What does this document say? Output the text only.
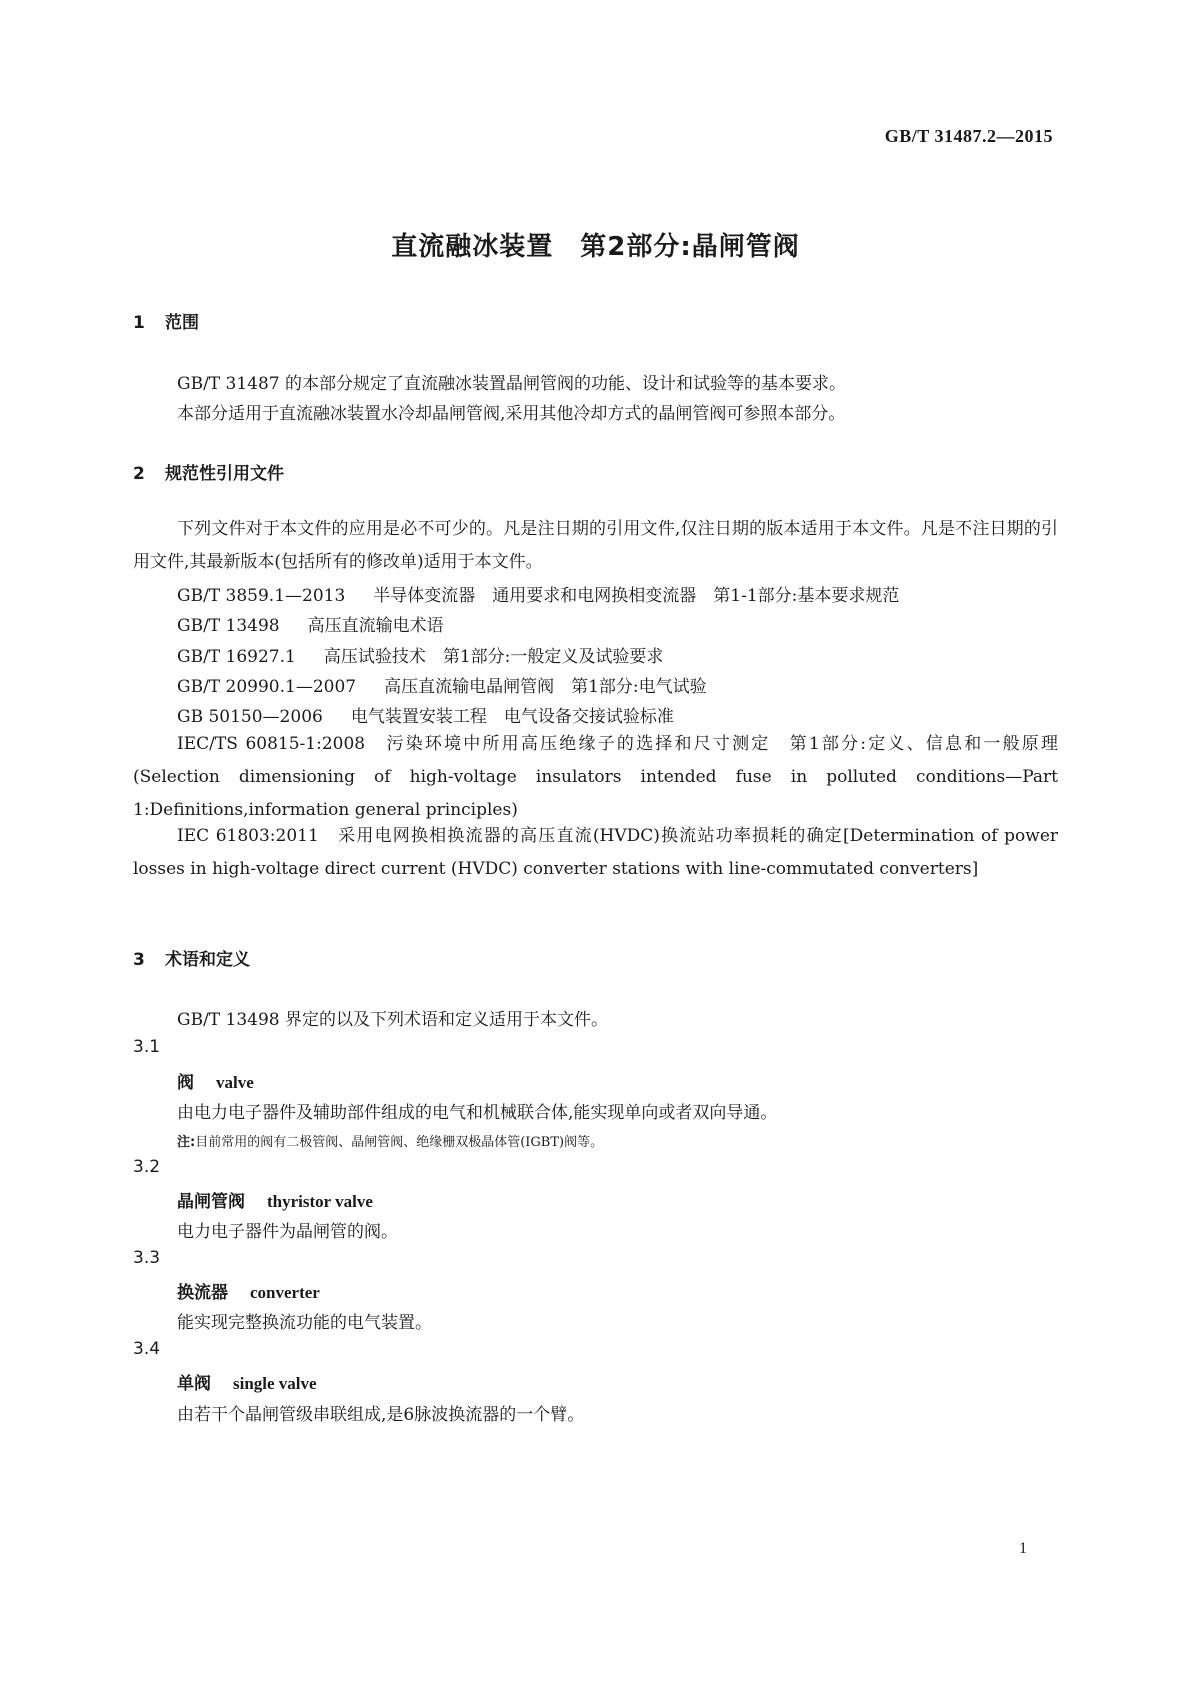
GB/T 31487.2—2015
直流融冰装置　第2部分:晶闸管阀
1 范围
GB/T 31487 的本部分规定了直流融冰装置晶闸管阀的功能、设计和试验等的基本要求。
本部分适用于直流融冰装置水冷却晶闸管阀,采用其他冷却方式的晶闸管阀可参照本部分。
2 规范性引用文件
下列文件对于本文件的应用是必不可少的。凡是注日期的引用文件,仅注日期的版本适用于本文件。凡是不注日期的引用文件,其最新版本(包括所有的修改单)适用于本文件。
GB/T 3859.1—2013 半导体变流器　通用要求和电网换相变流器　第1-1部分:基本要求规范
GB/T 13498 高压直流输电术语
GB/T 16927.1 高压试验技术　第1部分:一般定义及试验要求
GB/T 20990.1—2007 高压直流输电晶闸管阀　第1部分:电气试验
GB 50150—2006 电气装置安装工程　电气设备交接试验标准
IEC/TS 60815-1:2008　污染环境中所用高压绝缘子的选择和尺寸测定　第1部分:定义、信息和一般原理(Selection dimensioning of high-voltage insulators intended fuse in polluted conditions—Part 1:Definitions,information general principles)
IEC 61803:2011　采用电网换相换流器的高压直流(HVDC)换流站功率损耗的确定[Determination of power losses in high-voltage direct current (HVDC) converter stations with line-commutated converters]
3 术语和定义
GB/T 13498 界定的以及下列术语和定义适用于本文件。
3.1
阀 valve
由电力电子器件及辅助部件组成的电气和机械联合体,能实现单向或者双向导通。
注:目前常用的阀有二极管阀、晶闸管阀、绝缘栅双极晶体管(IGBT)阀等。
3.2
晶闸管阀 thyristor valve
电力电子器件为晶闸管的阀。
3.3
换流器 converter
能实现完整换流功能的电气装置。
3.4
单阀 single valve
由若干个晶闸管级串联组成,是6脉波换流器的一个臂。
1
